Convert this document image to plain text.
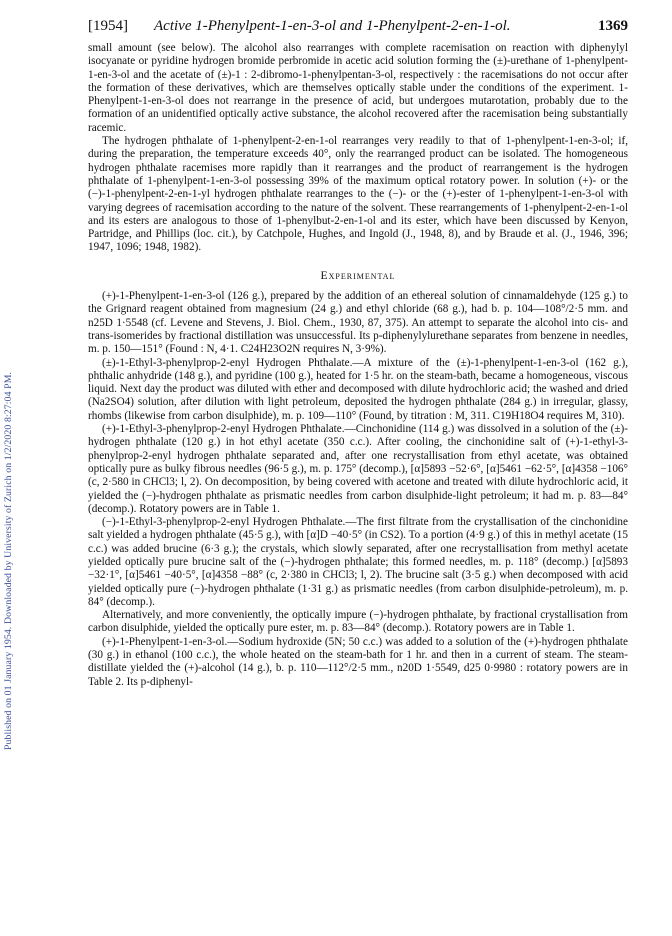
Published on 01 January 1954. Downloaded by University of Zurich on 1/2/2020 8:27:04 PM.
[1954] Active 1-Phenylpent-1-en-3-ol and 1-Phenylpent-2-en-1-ol.	1369

small amount (see below). The alcohol also rearranges with complete racemisation on reaction with diphenylyl isocyanate or pyridine hydrogen bromide perbromide in acetic acid solution forming the (±)-urethane of 1-phenylpent-1-en-3-ol and the acetate of (±)-1 : 2-dibromo-1-phenylpentan-3-ol, respectively : the racemisations do not occur after the formation of these derivatives, which are themselves optically stable under the conditions of the experiment. 1-Phenylpent-1-en-3-ol does not rearrange in the presence of acid, but undergoes mutarotation, probably due to the formation of an unidentified optically active substance, the alcohol recovered after the racemisation being substantially racemic.

The hydrogen phthalate of 1-phenylpent-2-en-1-ol rearranges very readily to that of 1-phenylpent-1-en-3-ol; if, during the preparation, the temperature exceeds 40°, only the rearranged product can be isolated. The homogeneous hydrogen phthalate racemises more rapidly than it rearranges and the product of rearrangement is the hydrogen phthalate of 1-phenylpent-1-en-3-ol possessing 39% of the maximum optical rotatory power. In solution (+)- or the (−)-1-phenylpent-2-en-1-yl hydrogen phthalate rearranges to the (−)- or the (+)-ester of 1-phenylpent-1-en-3-ol with varying degrees of racemisation according to the nature of the solvent. These rearrangements of 1-phenylpent-2-en-1-ol and its esters are analogous to those of 1-phenylbut-2-en-1-ol and its ester, which have been discussed by Kenyon, Partridge, and Phillips (loc. cit.), by Catchpole, Hughes, and Ingold (J., 1948, 8), and by Braude et al. (J., 1946, 396; 1947, 1096; 1948, 1982).

Experimental

(+)-1-Phenylpent-1-en-3-ol (126 g.), prepared by the addition of an ethereal solution of cinnamaldehyde (125 g.) to the Grignard reagent obtained from magnesium (24 g.) and ethyl chloride (68 g.), had b. p. 104—108°/2·5 mm. and n25D 1·5548 (cf. Levene and Stevens, J. Biol. Chem., 1930, 87, 375). An attempt to separate the alcohol into cis- and trans-isomerides by fractional distillation was unsuccessful. Its p-diphenylylurethane separates from benzene in needles, m. p. 150—151° (Found : N, 4·1. C24H23O2N requires N, 3·9%).

(±)-1-Ethyl-3-phenylprop-2-enyl Hydrogen Phthalate.—A mixture of the (±)-1-phenylpent-1-en-3-ol (162 g.), phthalic anhydride (148 g.), and pyridine (100 g.), heated for 1·5 hr. on the steam-bath, became a homogeneous, viscous liquid. Next day the product was diluted with ether and decomposed with dilute hydrochloric acid; the washed and dried (Na2SO4) solution, after dilution with light petroleum, deposited the hydrogen phthalate (284 g.) in irregular, glassy, rhombs (likewise from carbon disulphide), m. p. 109—110° (Found, by titration : M, 311. C19H18O4 requires M, 310).

(+)-1-Ethyl-3-phenylprop-2-enyl Hydrogen Phthalate.—Cinchonidine (114 g.) was dissolved in a solution of the (±)-hydrogen phthalate (120 g.) in hot ethyl acetate (350 c.c.). After cooling, the cinchonidine salt of (+)-1-ethyl-3-phenylprop-2-enyl hydrogen phthalate separated and, after one recrystallisation from ethyl acetate, was obtained optically pure as bulky fibrous needles (96·5 g.), m. p. 175° (decomp.), [α]5893 −52·6°, [α]5461 −62·5°, [α]4358 −106° (c, 2·580 in CHCl3; l, 2). On decomposition, by being covered with acetone and treated with dilute hydrochloric acid, it yielded the (−)-hydrogen phthalate as prismatic needles from carbon disulphide-light petroleum; it had m. p. 83—84° (decomp.). Rotatory powers are in Table 1.

(−)-1-Ethyl-3-phenylprop-2-enyl Hydrogen Phthalate.—The first filtrate from the crystallisation of the cinchonidine salt yielded a hydrogen phthalate (45·5 g.), with [α]D −40·5° (in CS2). To a portion (4·9 g.) of this in methyl acetate (15 c.c.) was added brucine (6·3 g.); the crystals, which slowly separated, after one recrystallisation from methyl acetate yielded optically pure brucine salt of the (−)-hydrogen phthalate; this formed needles, m. p. 118° (decomp.) [α]5893 −32·1°, [α]5461 −40·5°, [α]4358 −88° (c, 2·380 in CHCl3; l, 2). The brucine salt (3·5 g.) when decomposed with acid yielded optically pure (−)-hydrogen phthalate (1·31 g.) as prismatic needles (from carbon disulphide-petroleum), m. p. 84° (decomp.).

Alternatively, and more conveniently, the optically impure (−)-hydrogen phthalate, by fractional crystallisation from carbon disulphide, yielded the optically pure ester, m. p. 83—84° (decomp.). Rotatory powers are in Table 1.

(+)-1-Phenylpent-1-en-3-ol.—Sodium hydroxide (5N; 50 c.c.) was added to a solution of the (+)-hydrogen phthalate (30 g.) in ethanol (100 c.c.), the whole heated on the steam-bath for 1 hr. and then in a current of steam. The steam-distillate yielded the (+)-alcohol (14 g.), b. p. 110—112°/2·5 mm., n20D 1·5549, d25 0·9980 : rotatory powers are in Table 2. Its p-diphenyl-
